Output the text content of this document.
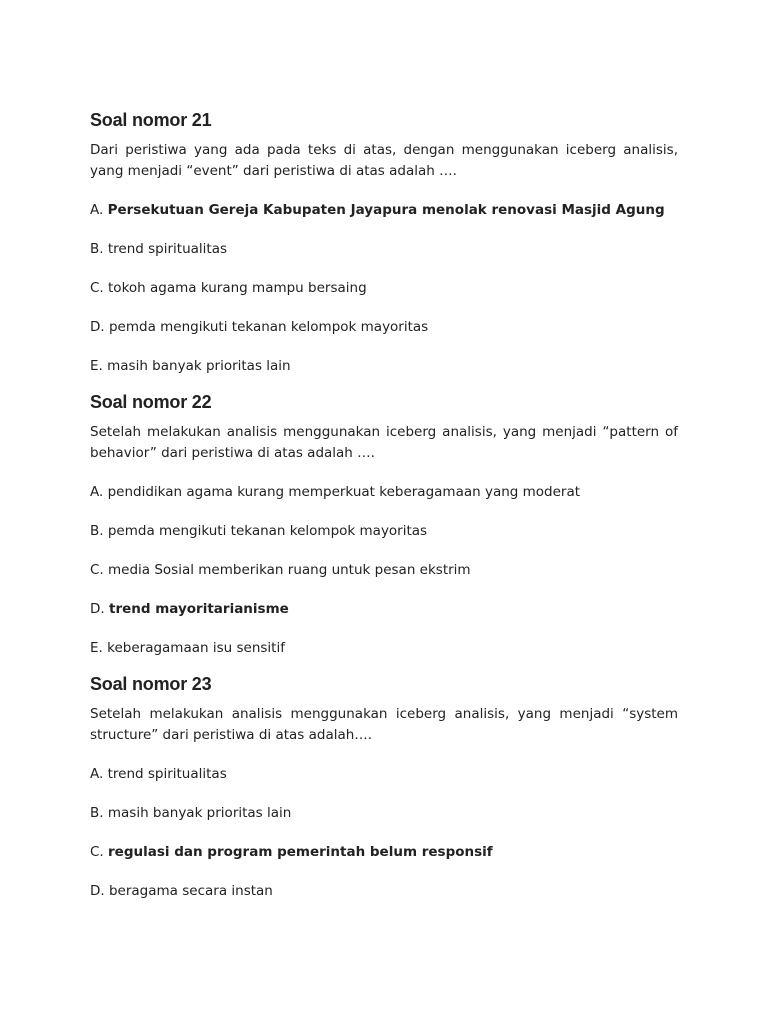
Soal nomor 21

Dari peristiwa yang ada pada teks di atas, dengan menggunakan iceberg analisis, yang menjadi “event” dari peristiwa di atas adalah ….

A. Persekutuan Gereja Kabupaten Jayapura menolak renovasi Masjid Agung

B. trend spiritualitas

C. tokoh agama kurang mampu bersaing

D. pemda mengikuti tekanan kelompok mayoritas

E. masih banyak prioritas lain

Soal nomor 22

Setelah melakukan analisis menggunakan iceberg analisis, yang menjadi “pattern of behavior” dari peristiwa di atas adalah ….

A. pendidikan agama kurang memperkuat keberagamaan yang moderat

B. pemda mengikuti tekanan kelompok mayoritas

C. media Sosial memberikan ruang untuk pesan ekstrim

D. trend mayoritarianisme

E. keberagamaan isu sensitif

Soal nomor 23

Setelah melakukan analisis menggunakan iceberg analisis, yang menjadi “system structure” dari peristiwa di atas adalah….

A. trend spiritualitas

B. masih banyak prioritas lain

C. regulasi dan program pemerintah belum responsif

D. beragama secara instan
